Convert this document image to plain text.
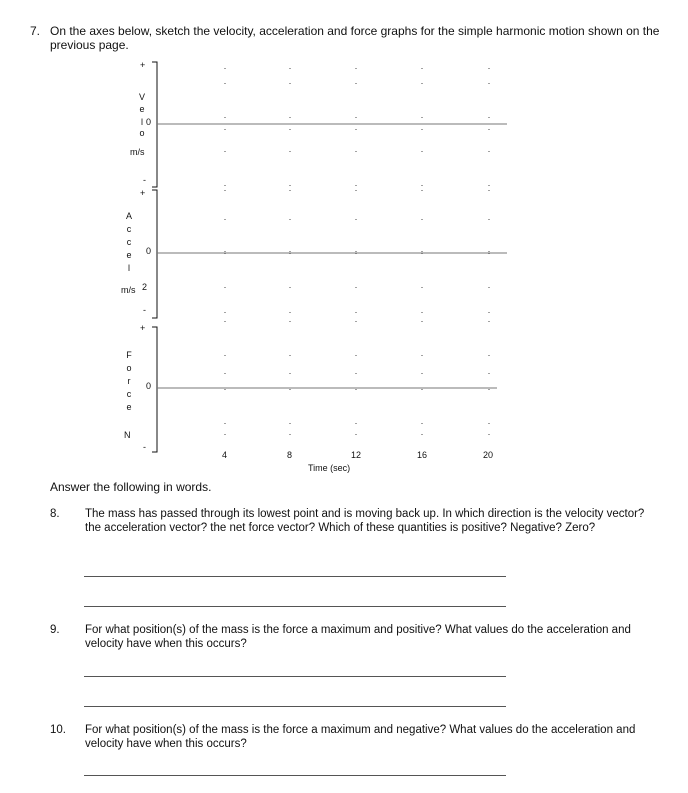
7. On the axes below, sketch the velocity, acceleration and force graphs for the simple harmonic motion shown on the previous page.
+
V
e
l
o
0
m/s
-
+
A
c
c
e
l
0
m/s 2
-
+
F
o
r
c
e
0
N
-
4	8	12	16	20
Time (sec)
Answer the following in words.
8. The mass has passed through its lowest point and is moving back up. In which direction is the velocity vector? the acceleration vector? the net force vector? Which of these quantities is positive? Negative? Zero?
9. For what position(s) of the mass is the force a maximum and positive? What values do the acceleration and velocity have when this occurs?
10. For what position(s) of the mass is the force a maximum and negative? What values do the acceleration and velocity have when this occurs?
